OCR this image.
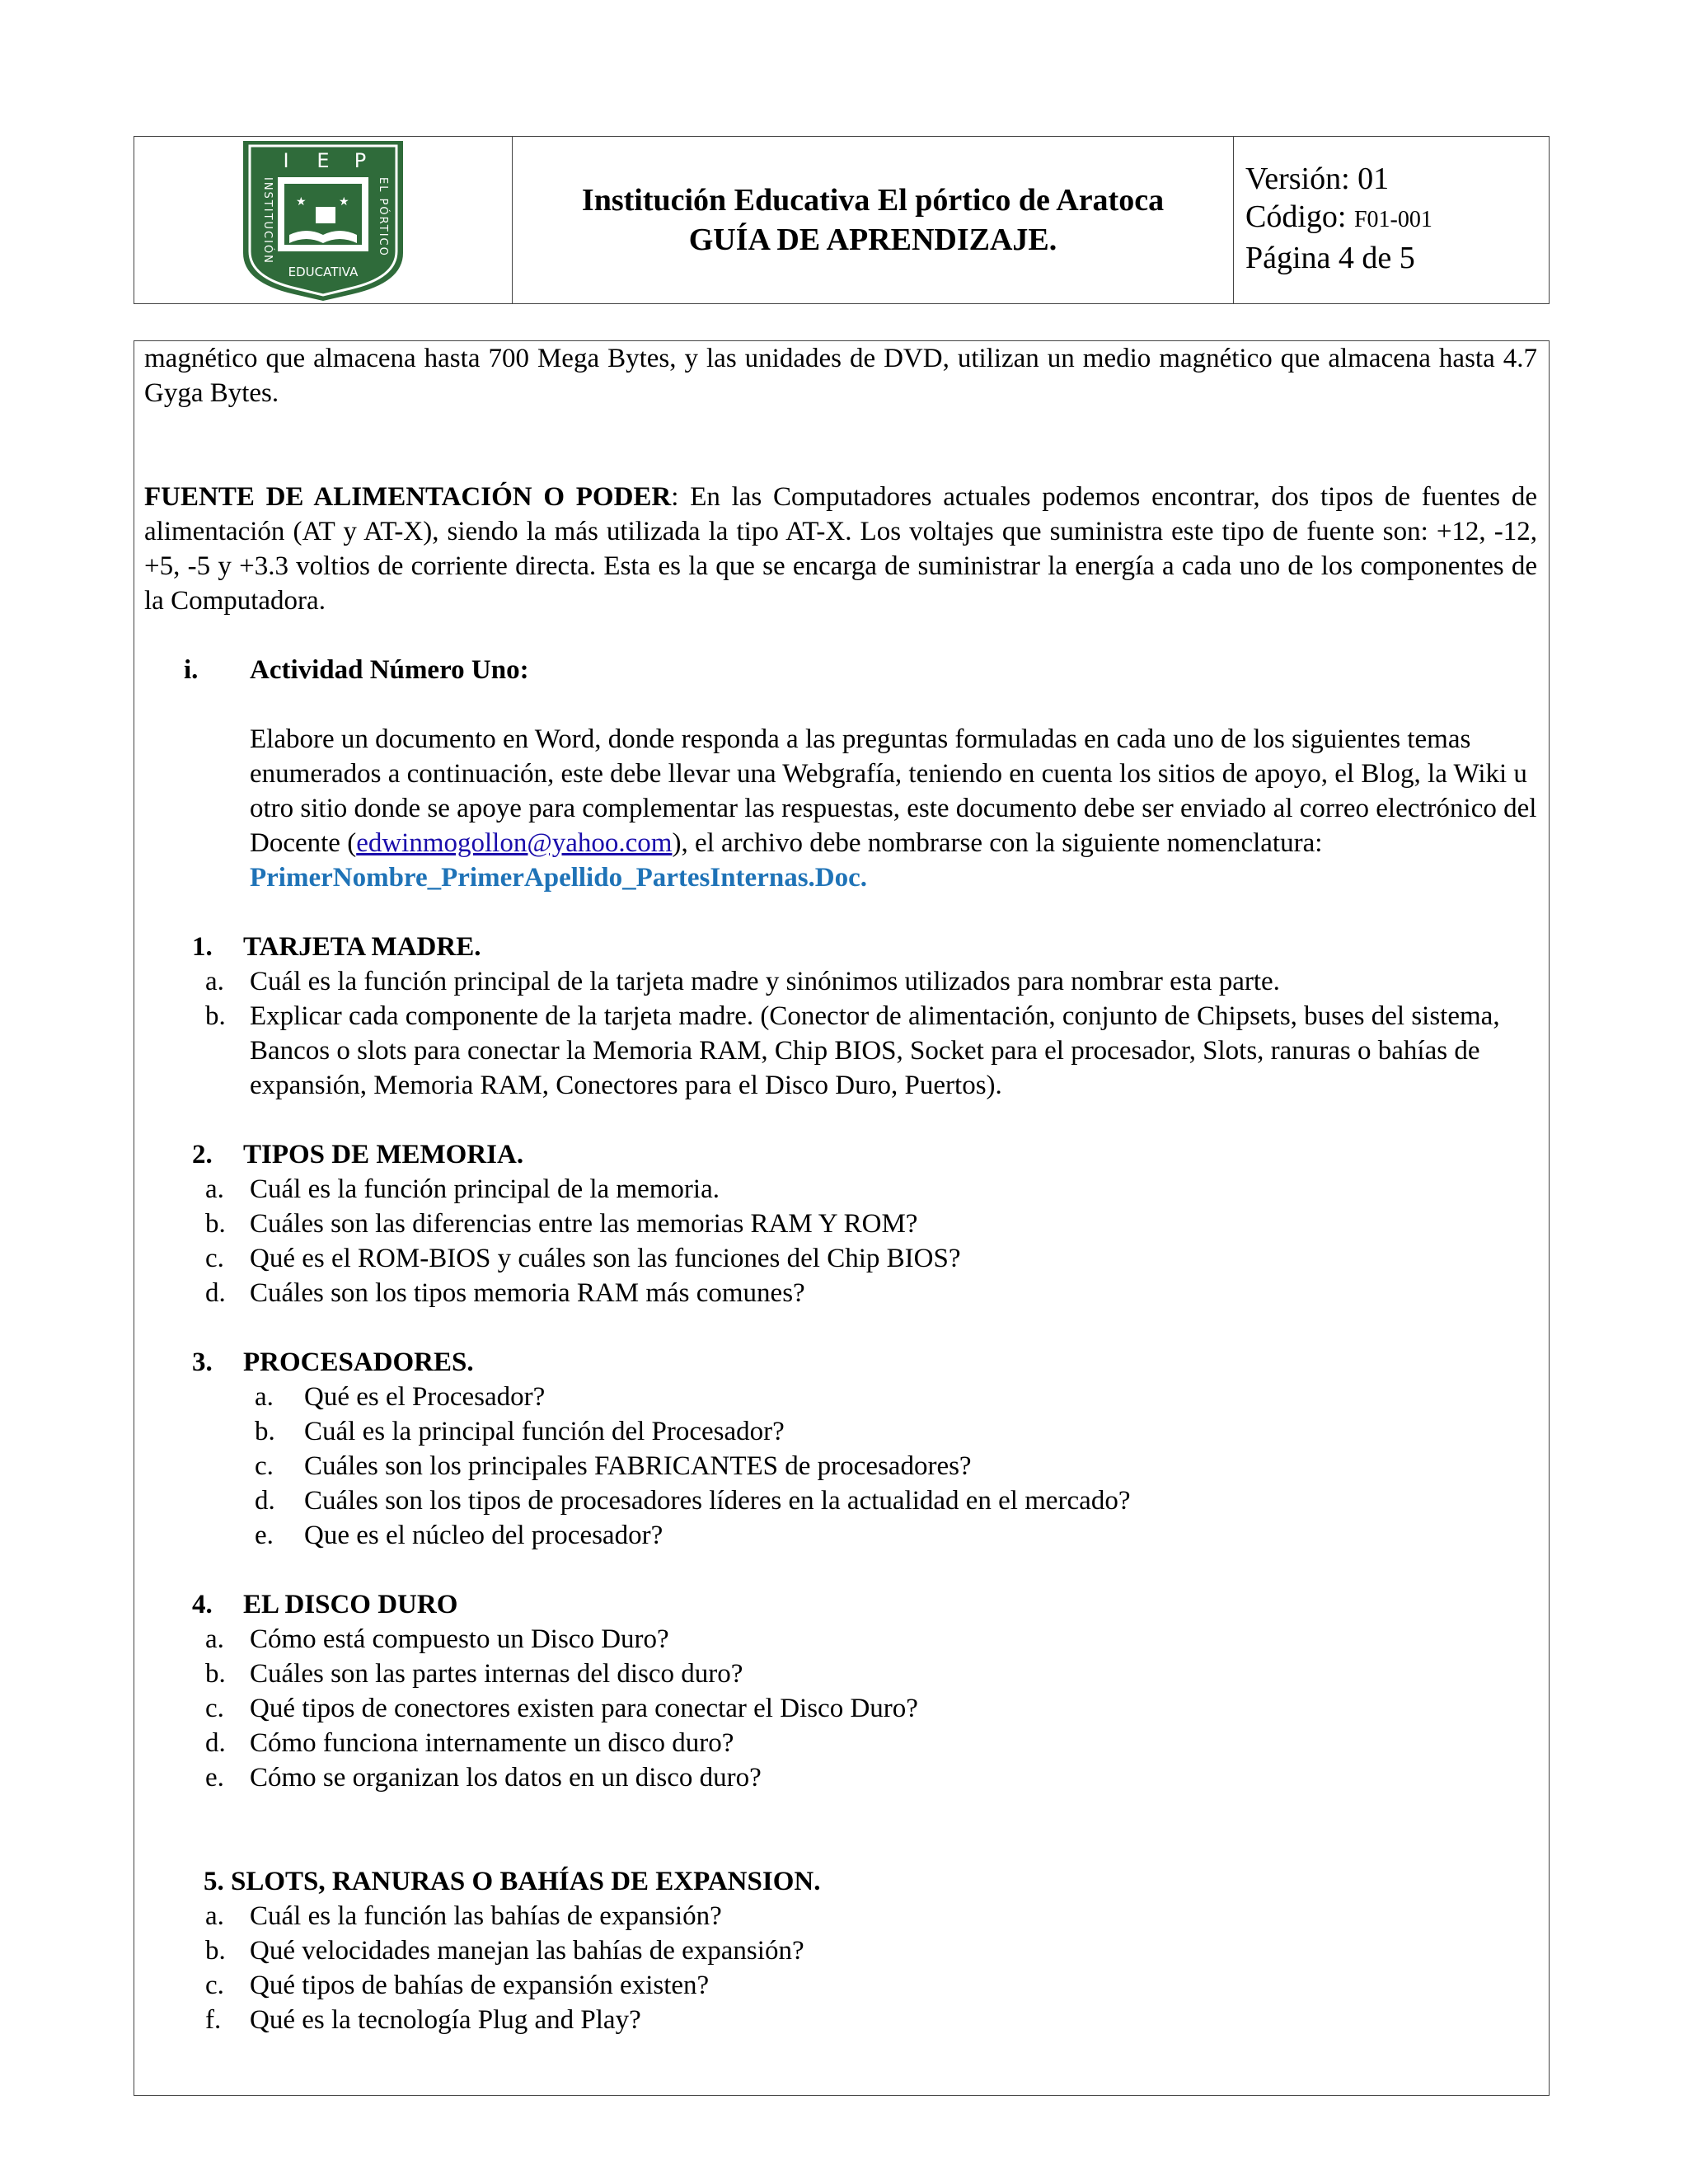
I E P
INSTITUCIÓN	EL PÓRTICO
★	★
EDUCATIVA
Institución Educativa El pórtico de Aratoca
GUÍA DE APRENDIZAJE.
Versión: 01
Código: F01-001
Página 4 de 5

magnético que almacena hasta 700 Mega Bytes, y las unidades de DVD, utilizan un medio magnético que almacena hasta 4.7 Gyga Bytes.

FUENTE DE ALIMENTACIÓN O PODER: En las Computadores actuales podemos encontrar, dos tipos de fuentes de alimentación (AT y AT-X), siendo la más utilizada la tipo AT-X. Los voltajes que suministra este tipo de fuente son: +12, -12, +5, -5 y +3.3 voltios de corriente directa. Esta es la que se encarga de suministrar la energía a cada uno de los componentes de la Computadora.

i.	Actividad Número Uno:

Elabore un documento en Word, donde responda a las preguntas formuladas en cada uno de los siguientes temas enumerados a continuación, este debe llevar una Webgrafía, teniendo en cuenta los sitios de apoyo, el Blog, la Wiki u otro sitio donde se apoye para complementar las respuestas, este documento debe ser enviado al correo electrónico del Docente (edwinmogollon@yahoo.com), el archivo debe nombrarse con la siguiente nomenclatura: PrimerNombre_PrimerApellido_PartesInternas.Doc.

1.	TARJETA MADRE.
a. Cuál es la función principal de la tarjeta madre y sinónimos utilizados para nombrar esta parte.
b. Explicar cada componente de la tarjeta madre. (Conector de alimentación, conjunto de Chipsets, buses del sistema, Bancos o slots para conectar la Memoria RAM, Chip BIOS, Socket para el procesador, Slots, ranuras o bahías de expansión, Memoria RAM, Conectores para el Disco Duro, Puertos).
2.	TIPOS DE MEMORIA.
a. Cuál es la función principal de la memoria.
b. Cuáles son las diferencias entre las memorias RAM Y ROM?
c. Qué es el ROM-BIOS y cuáles son las funciones del Chip BIOS?
d. Cuáles son los tipos memoria RAM más comunes?
3.	PROCESADORES.
a.	Qué es el Procesador?
b.	Cuál es la principal función del Procesador?
c.	Cuáles son los principales FABRICANTES de procesadores?
d.	Cuáles son los tipos de procesadores líderes en la actualidad en el mercado?
e.	Que es el núcleo del procesador?
4.	EL DISCO DURO
a. Cómo está compuesto un Disco Duro?
b. Cuáles son las partes internas del disco duro?
c. Qué tipos de conectores existen para conectar el Disco Duro?
d. Cómo funciona internamente un disco duro?
e. Cómo se organizan los datos en un disco duro?
5. SLOTS, RANURAS O BAHÍAS DE EXPANSION.
a. Cuál es la función las bahías de expansión?
b. Qué velocidades manejan las bahías de expansión?
c. Qué tipos de bahías de expansión existen?
f.	Qué es la tecnología Plug and Play?
